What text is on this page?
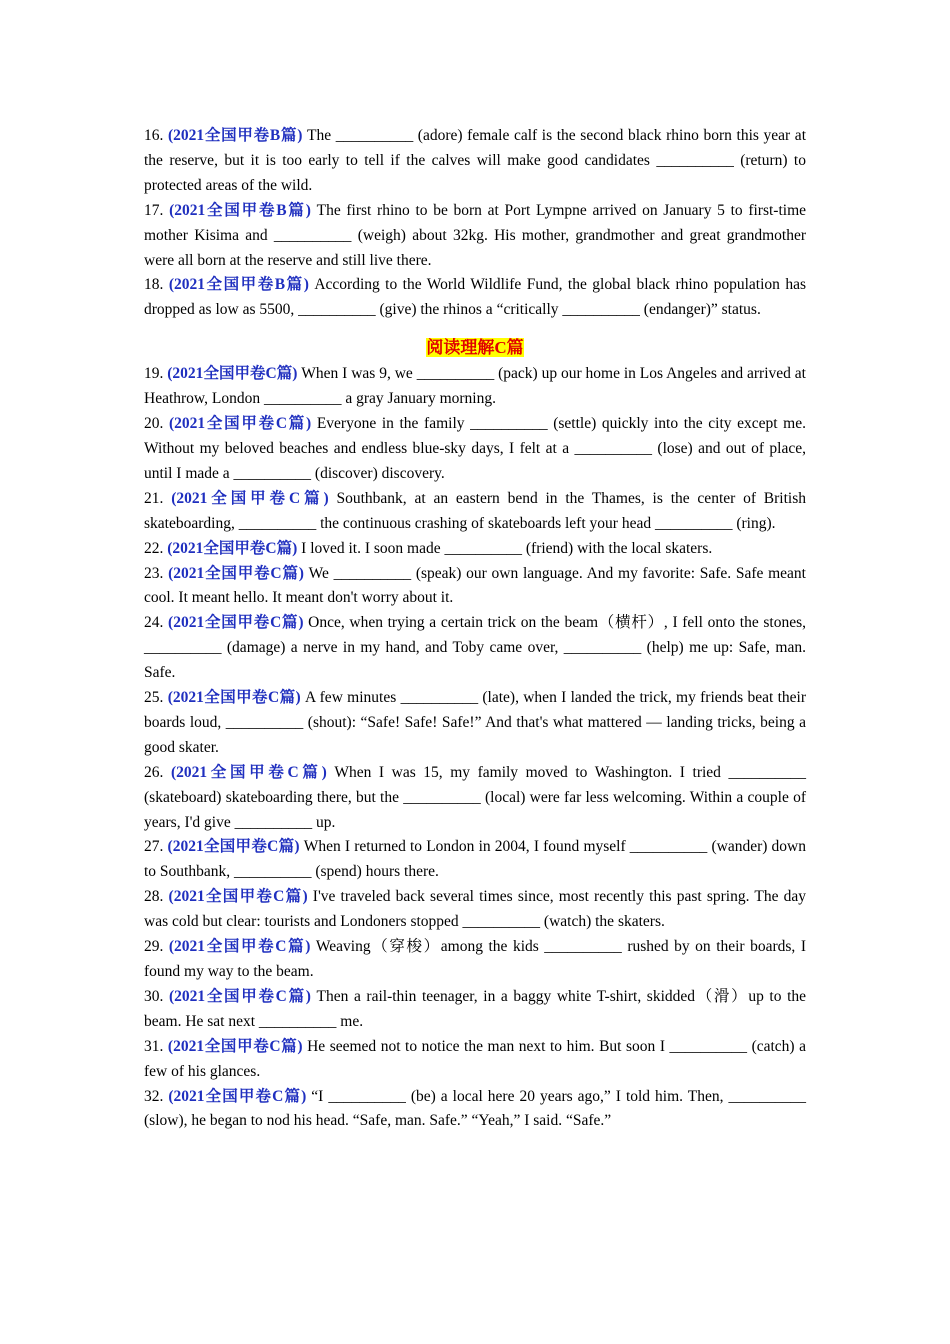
16. (2021全国甲卷B篇) The __________ (adore) female calf is the second black rhino born this year at the reserve, but it is too early to tell if the calves will make good candidates __________ (return) to protected areas of the wild.

17. (2021全国甲卷B篇) The first rhino to be born at Port Lympne arrived on January 5 to first-time mother Kisima and __________ (weigh) about 32kg. His mother, grandmother and great grandmother were all born at the reserve and still live there.

18. (2021全国甲卷B篇) According to the World Wildlife Fund, the global black rhino population has dropped as low as 5500, __________ (give) the rhinos a “critically __________ (endanger)” status.

阅读理解C篇

19. (2021全国甲卷C篇) When I was 9, we __________ (pack) up our home in Los Angeles and arrived at Heathrow, London __________ a gray January morning.

20. (2021全国甲卷C篇) Everyone in the family __________ (settle) quickly into the city except me. Without my beloved beaches and endless blue-sky days, I felt at a __________ (lose) and out of place, until I made a __________ (discover) discovery.

21. (2021全国甲卷C篇) Southbank, at an eastern bend in the Thames, is the center of British skateboarding, __________ the continuous crashing of skateboards left your head __________ (ring).

22. (2021全国甲卷C篇) I loved it. I soon made __________ (friend) with the local skaters.

23. (2021全国甲卷C篇) We __________ (speak) our own language. And my favorite: Safe. Safe meant cool. It meant hello. It meant don't worry about it.

24. (2021全国甲卷C篇) Once, when trying a certain trick on the beam（横杆）, I fell onto the stones, __________ (damage) a nerve in my hand, and Toby came over, __________ (help) me up: Safe, man. Safe.

25. (2021全国甲卷C篇) A few minutes __________ (late), when I landed the trick, my friends beat their boards loud, __________ (shout): “Safe! Safe! Safe!” And that's what mattered — landing tricks, being a good skater.

26. (2021全国甲卷C篇) When I was 15, my family moved to Washington. I tried __________ (skateboard) skateboarding there, but the __________ (local) were far less welcoming. Within a couple of years, I'd give __________ up.

27. (2021全国甲卷C篇) When I returned to London in 2004, I found myself __________ (wander) down to Southbank, __________ (spend) hours there.

28. (2021全国甲卷C篇) I've traveled back several times since, most recently this past spring. The day was cold but clear: tourists and Londoners stopped __________ (watch) the skaters.

29. (2021全国甲卷C篇) Weaving（穿梭）among the kids __________ rushed by on their boards, I found my way to the beam.

30. (2021全国甲卷C篇) Then a rail-thin teenager, in a baggy white T-shirt, skidded（滑）up to the beam. He sat next __________ me.

31. (2021全国甲卷C篇) He seemed not to notice the man next to him. But soon I __________ (catch) a few of his glances.

32. (2021全国甲卷C篇) “I __________ (be) a local here 20 years ago,” I told him. Then, __________ (slow), he began to nod his head. “Safe, man. Safe.” “Yeah,” I said. “Safe.”
